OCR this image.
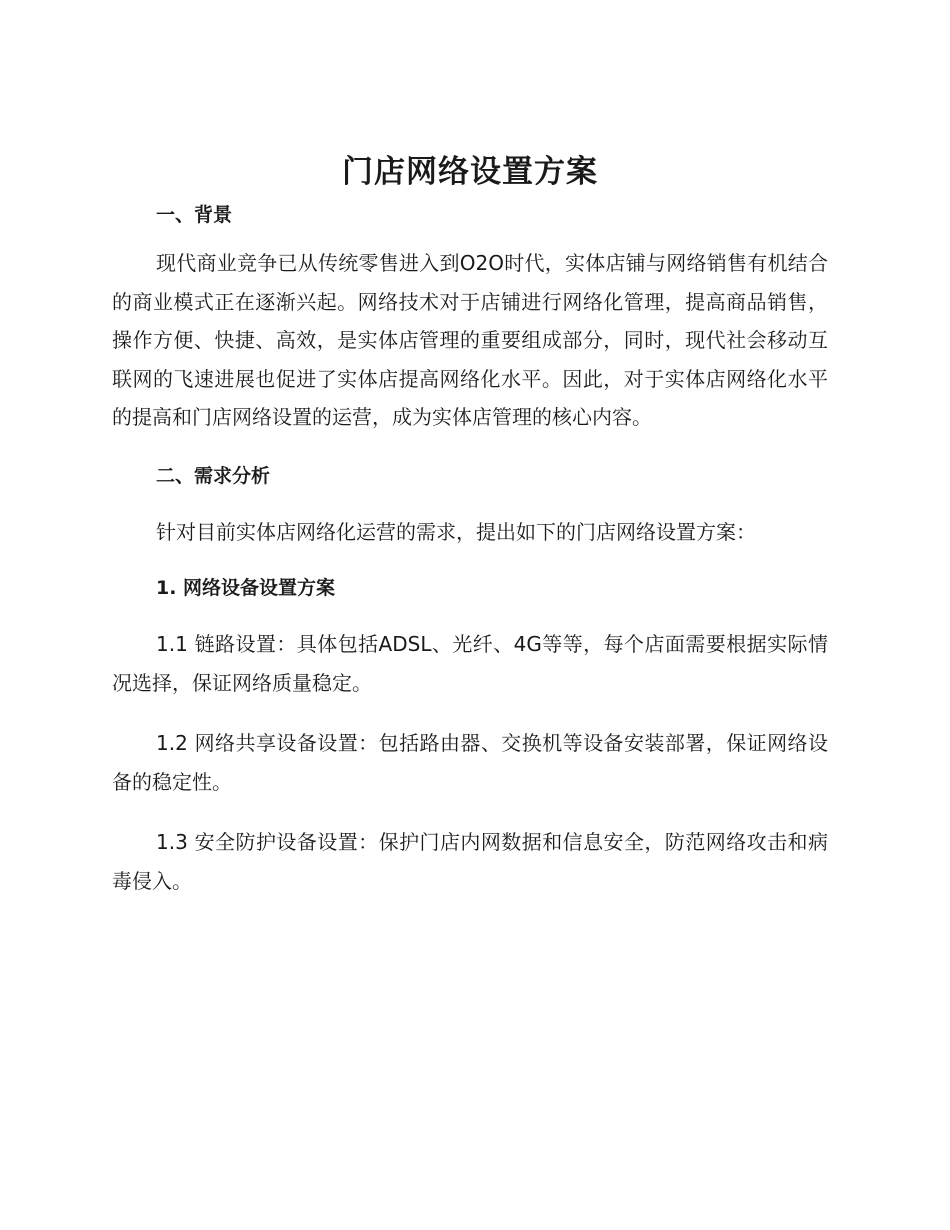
门店网络设置方案
一、背景

现代商业竞争已从传统零售进入到O2O时代，实体店铺与网络销售有机结合的商业模式正在逐渐兴起。网络技术对于店铺进行网络化管理，提高商品销售，操作方便、快捷、高效，是实体店管理的重要组成部分，同时，现代社会移动互联网的飞速进展也促进了实体店提高网络化水平。因此，对于实体店网络化水平的提高和门店网络设置的运营，成为实体店管理的核心内容。

二、需求分析

针对目前实体店网络化运营的需求，提出如下的门店网络设置方案：

1. 网络设备设置方案

1.1 链路设置：具体包括ADSL、光纤、4G等等，每个店面需要根据实际情况选择，保证网络质量稳定。

1.2 网络共享设备设置：包括路由器、交换机等设备安装部署，保证网络设备的稳定性。

1.3 安全防护设备设置：保护门店内网数据和信息安全，防范网络攻击和病毒侵入。
